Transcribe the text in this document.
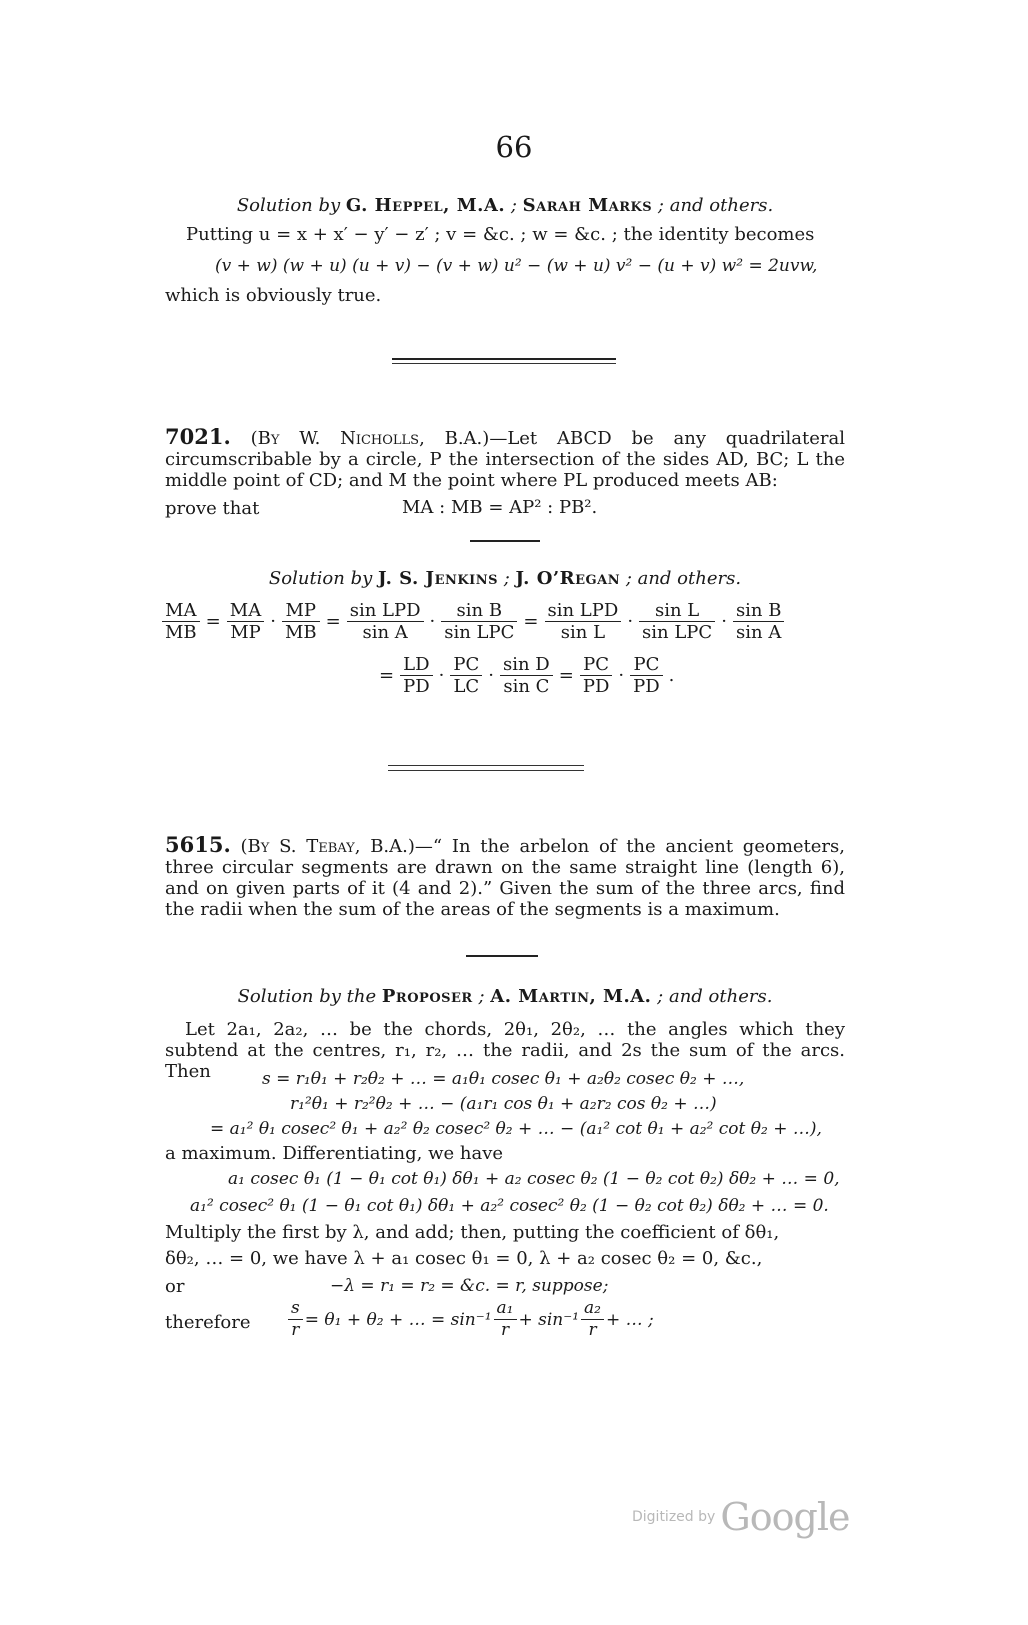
66
Solution by G. Heppel, M.A. ; Sarah Marks ; and others.
Putting u = x + x′ − y′ − z′ ; v = &c. ; w = &c. ; the identity becomes
(v + w) (w + u) (u + v) − (v + w) u² − (w + u) v² − (u + v) w² = 2uvw,
which is obviously true.
7021. (By W. Nicholls, B.A.)—Let ABCD be any quadrilateral circumscribable by a circle, P the intersection of the sides AD, BC; L the middle point of CD; and M the point where PL produced meets AB:
prove that	MA : MB = AP² : PB².
Solution by J. S. Jenkins ; J. O’Regan ; and others.
$\frac{MA}{MB} = \frac{MA}{MP} \cdot \frac{MP}{MB} = \frac{\text{sin LPD}}{\text{sin A}} \cdot \frac{\text{sin B}}{\text{sin LPC}} = \frac{\text{sin LPD}}{\text{sin L}} \cdot \frac{\text{sin L}}{\text{sin LPC}} \cdot \frac{\text{sin B}}{\text{sin A}}$
= $\frac{LD}{PD} \cdot \frac{PC}{LC} \cdot \frac{\text{sin D}}{\text{sin C}} = \frac{PC}{PD} \cdot \frac{PC}{PD}$ .
5615. (By S. Tebay, B.A.)—“ In the arbelon of the ancient geometers, three circular segments are drawn on the same straight line (length 6), and on given parts of it (4 and 2).” Given the sum of the three arcs, find the radii when the sum of the areas of the segments is a maximum.
Solution by the Proposer ; A. Martin, M.A. ; and others.
Let 2a₁, 2a₂, … be the chords, 2θ₁, 2θ₂, … the angles which they subtend at the centres, r₁, r₂, … the radii, and 2s the sum of the arcs. Then	s = r₁θ₁ + r₂θ₂ + … = a₁θ₁ cosec θ₁ + a₂θ₂ cosec θ₂ + …,
r₁²θ₁ + r₂²θ₂ + … − (a₁r₁ cos θ₁ + a₂r₂ cos θ₂ + …)
= a₁² θ₁ cosec² θ₁ + a₂² θ₂ cosec² θ₂ + … − (a₁² cot θ₁ + a₂² cot θ₂ + …),
a maximum. Differentiating, we have
a₁ cosec θ₁ (1 − θ₁ cot θ₁) δθ₁ + a₂ cosec θ₂ (1 − θ₂ cot θ₂) δθ₂ + … = 0,
a₁² cosec² θ₁ (1 − θ₁ cot θ₁) δθ₁ + a₂² cosec² θ₂ (1 − θ₂ cot θ₂) δθ₂ + … = 0.
Multiply the first by λ, and add; then, putting the coefficient of δθ₁,
δθ₂, … = 0, we have λ + a₁ cosec θ₁ = 0, λ + a₂ cosec θ₂ = 0, &c.,
or	−λ = r₁ = r₂ = &c. = r, suppose;
therefore	$\frac{s}{r} = \theta_1 + \theta_2$ + … = $\sin^{-1} \frac{\text{a₁}}{r} + \sin^{-1} \frac{\text{a₂}}{r}$ + … ;
Digitized by Google
